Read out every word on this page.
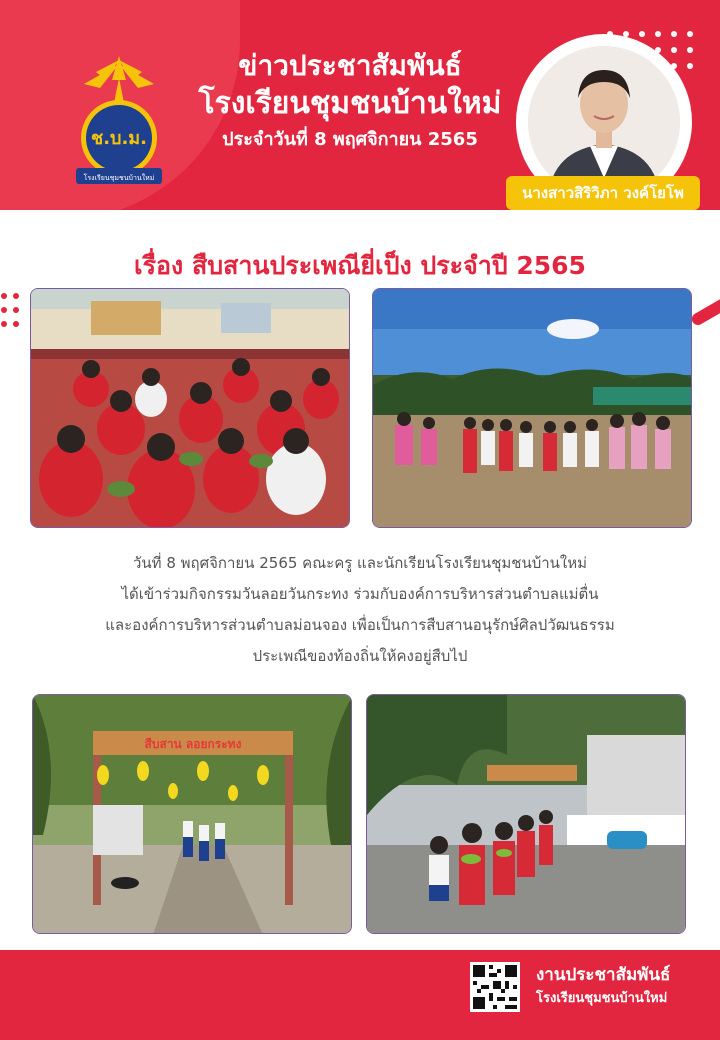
ช.บ.ม.
โรงเรียนชุมชนบ้านใหม่
ข่าวประชาสัมพันธ์
โรงเรียนชุมชนบ้านใหม่
ประจำวันที่ 8 พฤศจิกายน 2565
นางสาวสิริวิภา วงค์โยโพ
เรื่อง สืบสานประเพณียี่เป็ง ประจำปี 2565
วันที่ 8 พฤศจิกายน 2565 คณะครู และนักเรียนโรงเรียนชุมชนบ้านใหม่
ได้เข้าร่วมกิจกรรมวันลอยวันกระทง ร่วมกับองค์การบริหารส่วนตำบลแม่ตื่น
และองค์การบริหารส่วนตำบลม่อนจอง เพื่อเป็นการสืบสานอนุรักษ์ศิลปวัฒนธรรม
ประเพณีของท้องถิ่นให้คงอยู่สืบไป
สืบสาน ลอยกระทง
งานประชาสัมพันธ์
โรงเรียนชุมชนบ้านใหม่
